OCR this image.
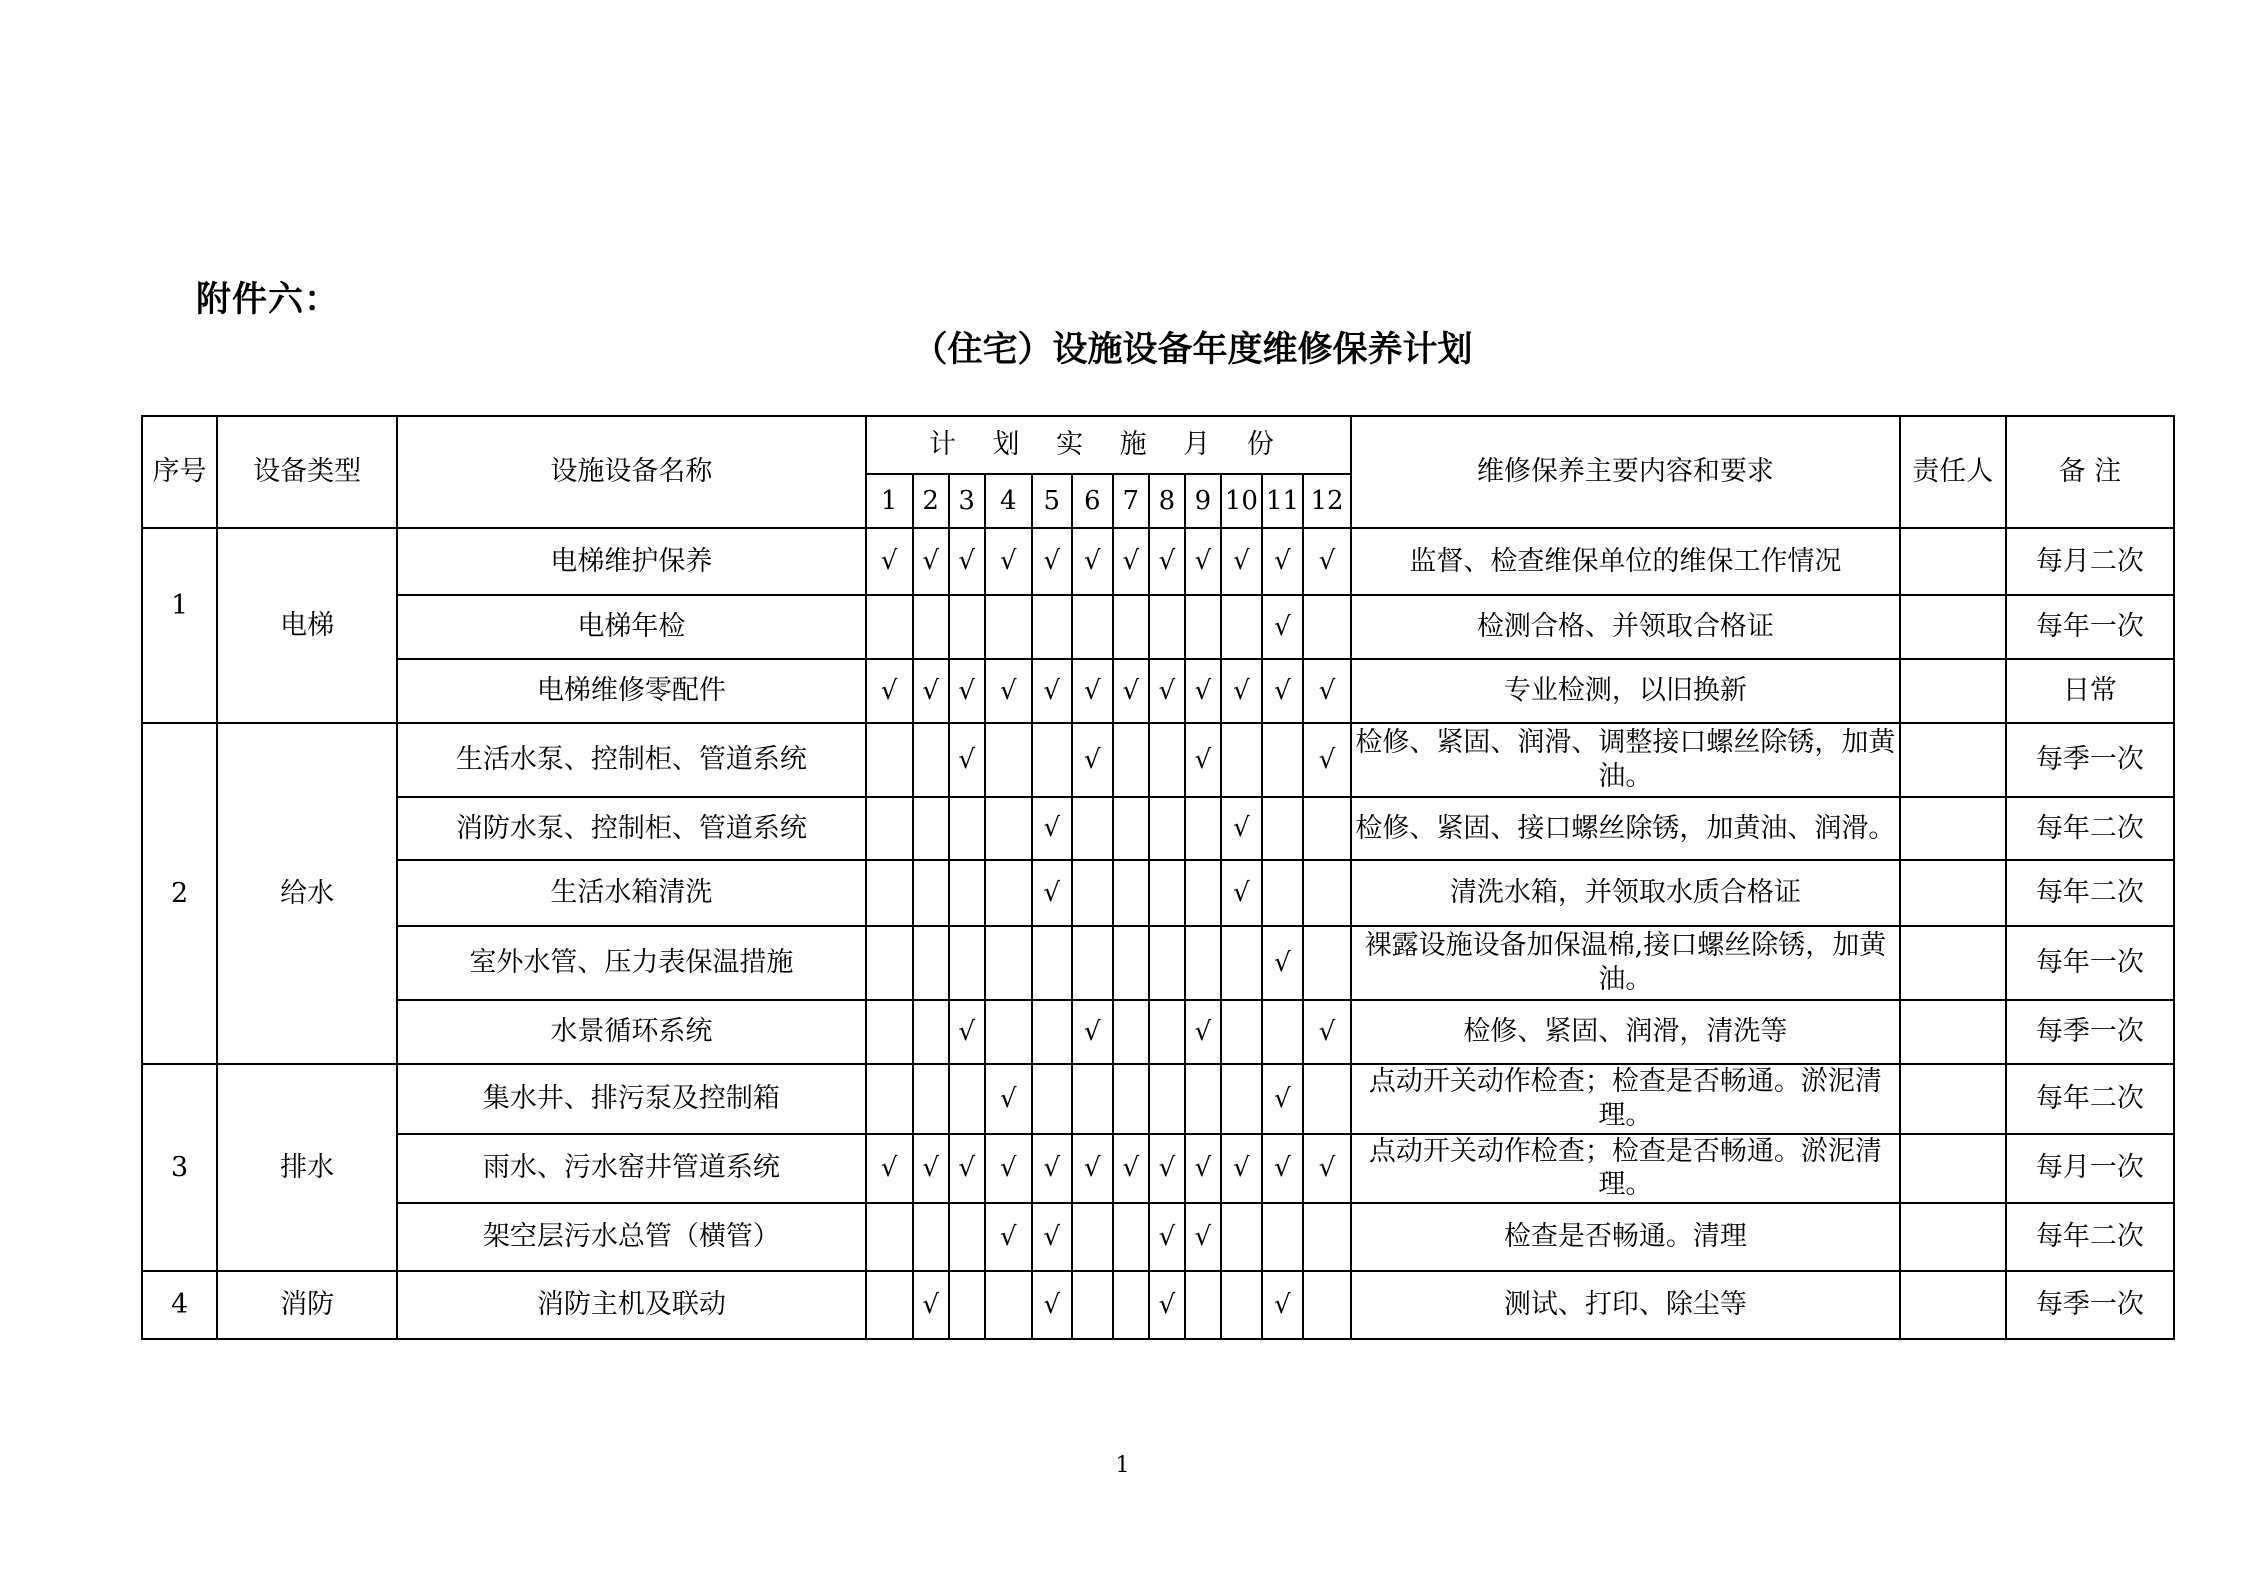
附件六：
（住宅）设施设备年度维修保养计划
序号	设备类型	设施设备名称	计 划 实 施 月 份												维修保养主要内容和要求	责任人	备 注
			1	2	3	4	5	6	7	8	9	10	11	12			
1	电梯	电梯维护保养	√	√	√	√	√	√	√	√	√	√	√	√	监督、检查维保单位的维保工作情况		每月二次
		电梯年检											√		检测合格、并领取合格证		每年一次
		电梯维修零配件	√	√	√	√	√	√	√	√	√	√	√	√	专业检测，以旧换新		日常
2	给水	生活水泵、控制柜、管道系统			√			√			√			√	检修、紧固、润滑、调整接口螺丝除锈，加黄油。		每季一次
		消防水泵、控制柜、管道系统					√					√			检修、紧固、接口螺丝除锈，加黄油、润滑。		每年二次
		生活水箱清洗					√					√			清洗水箱，并领取水质合格证		每年二次
		室外水管、压力表保温措施											√		裸露设施设备加保温棉,接口螺丝除锈，加黄油。		每年一次
		水景循环系统			√			√			√			√	检修、紧固、润滑，清洗等		每季一次
3	排水	集水井、排污泵及控制箱				√							√		点动开关动作检查；检查是否畅通。淤泥清理。		每年二次
		雨水、污水窑井管道系统	√	√	√	√	√	√	√	√	√	√	√	√	点动开关动作检查；检查是否畅通。淤泥清理。		每月一次
		架空层污水总管（横管）				√	√			√	√				检查是否畅通。清理		每年二次
4	消防	消防主机及联动		√			√			√			√		测试、打印、除尘等		每季一次
1
